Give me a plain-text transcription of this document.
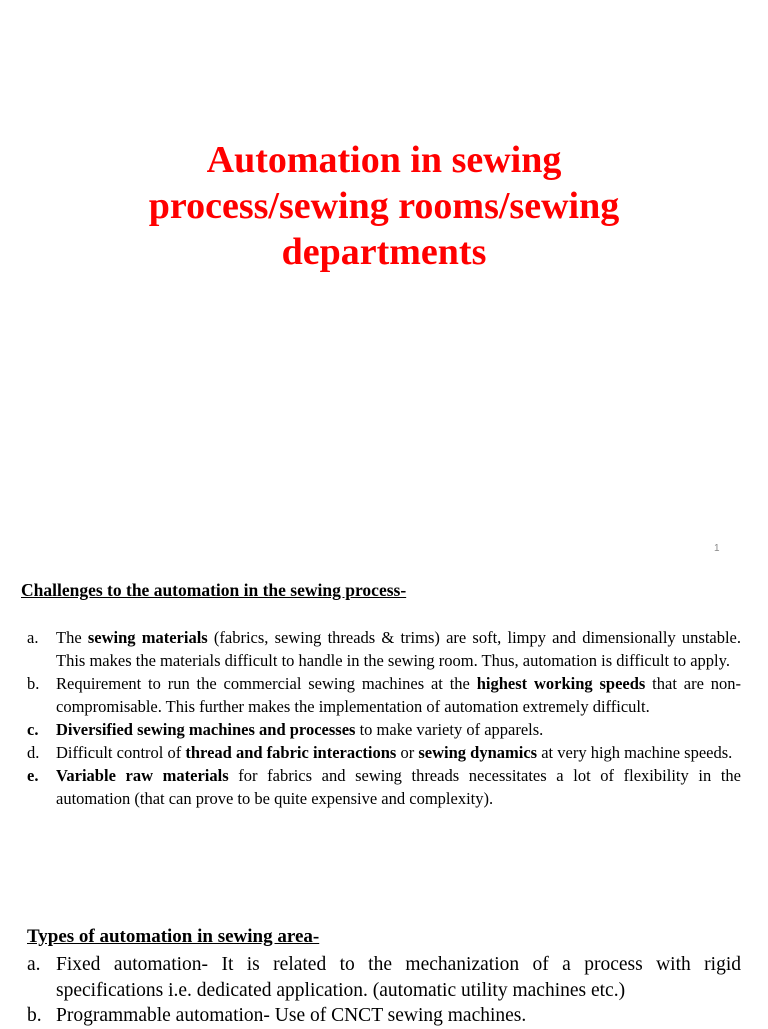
Automation in sewing
process/sewing rooms/sewing
departments
1
Challenges to the automation in the sewing process-
a. The sewing materials (fabrics, sewing threads & trims) are soft, limpy and dimensionally unstable. This makes the materials difficult to handle in the sewing room. Thus, automation is difficult to apply.
b. Requirement to run the commercial sewing machines at the highest working speeds that are non-compromisable. This further makes the implementation of automation extremely difficult.
c. Diversified sewing machines and processes to make variety of apparels.
d. Difficult control of thread and fabric interactions or sewing dynamics at very high machine speeds.
e. Variable raw materials for fabrics and sewing threads necessitates a lot of flexibility in the automation (that can prove to be quite expensive and complexity).
Types of automation in sewing area-
a. Fixed automation- It is related to the mechanization of a process with rigid specifications i.e. dedicated application. (automatic utility machines etc.)
b. Programmable automation- Use of CNCT sewing machines.
